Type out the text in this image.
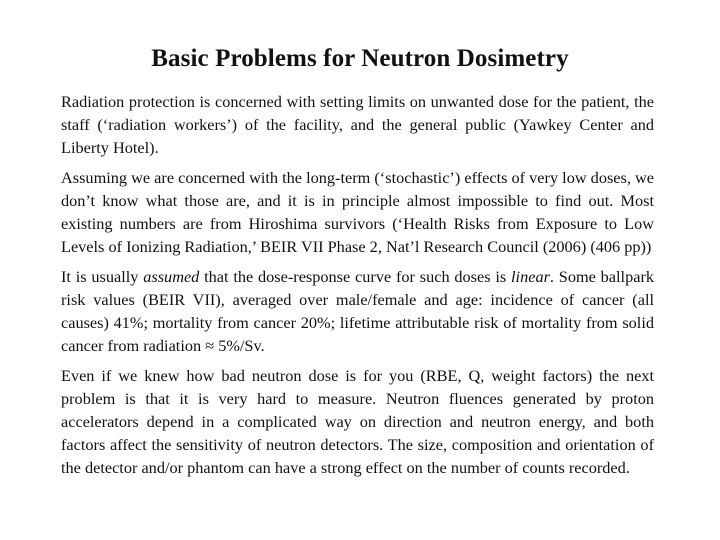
Basic Problems for Neutron Dosimetry

Radiation protection is concerned with setting limits on unwanted dose for the patient, the staff (‘radiation workers’) of the facility, and the general public (Yawkey Center and Liberty Hotel).

Assuming we are concerned with the long-term (‘stochastic’) effects of very low doses, we don’t know what those are, and it is in principle almost impossible to find out. Most existing numbers are from Hiroshima survivors (‘Health Risks from Exposure to Low Levels of Ionizing Radiation,’ BEIR VII Phase 2, Nat’l Research Council (2006) (406 pp))

It is usually assumed that the dose-response curve for such doses is linear. Some ballpark risk values (BEIR VII), averaged over male/female and age: incidence of cancer (all causes) 41%; mortality from cancer 20%; lifetime attributable risk of mortality from solid cancer from radiation ≈ 5%/Sv.

Even if we knew how bad neutron dose is for you (RBE, Q, weight factors) the next problem is that it is very hard to measure. Neutron fluences generated by proton accelerators depend in a complicated way on direction and neutron energy, and both factors affect the sensitivity of neutron detectors. The size, composition and orientation of the detector and/or phantom can have a strong effect on the number of counts recorded.
